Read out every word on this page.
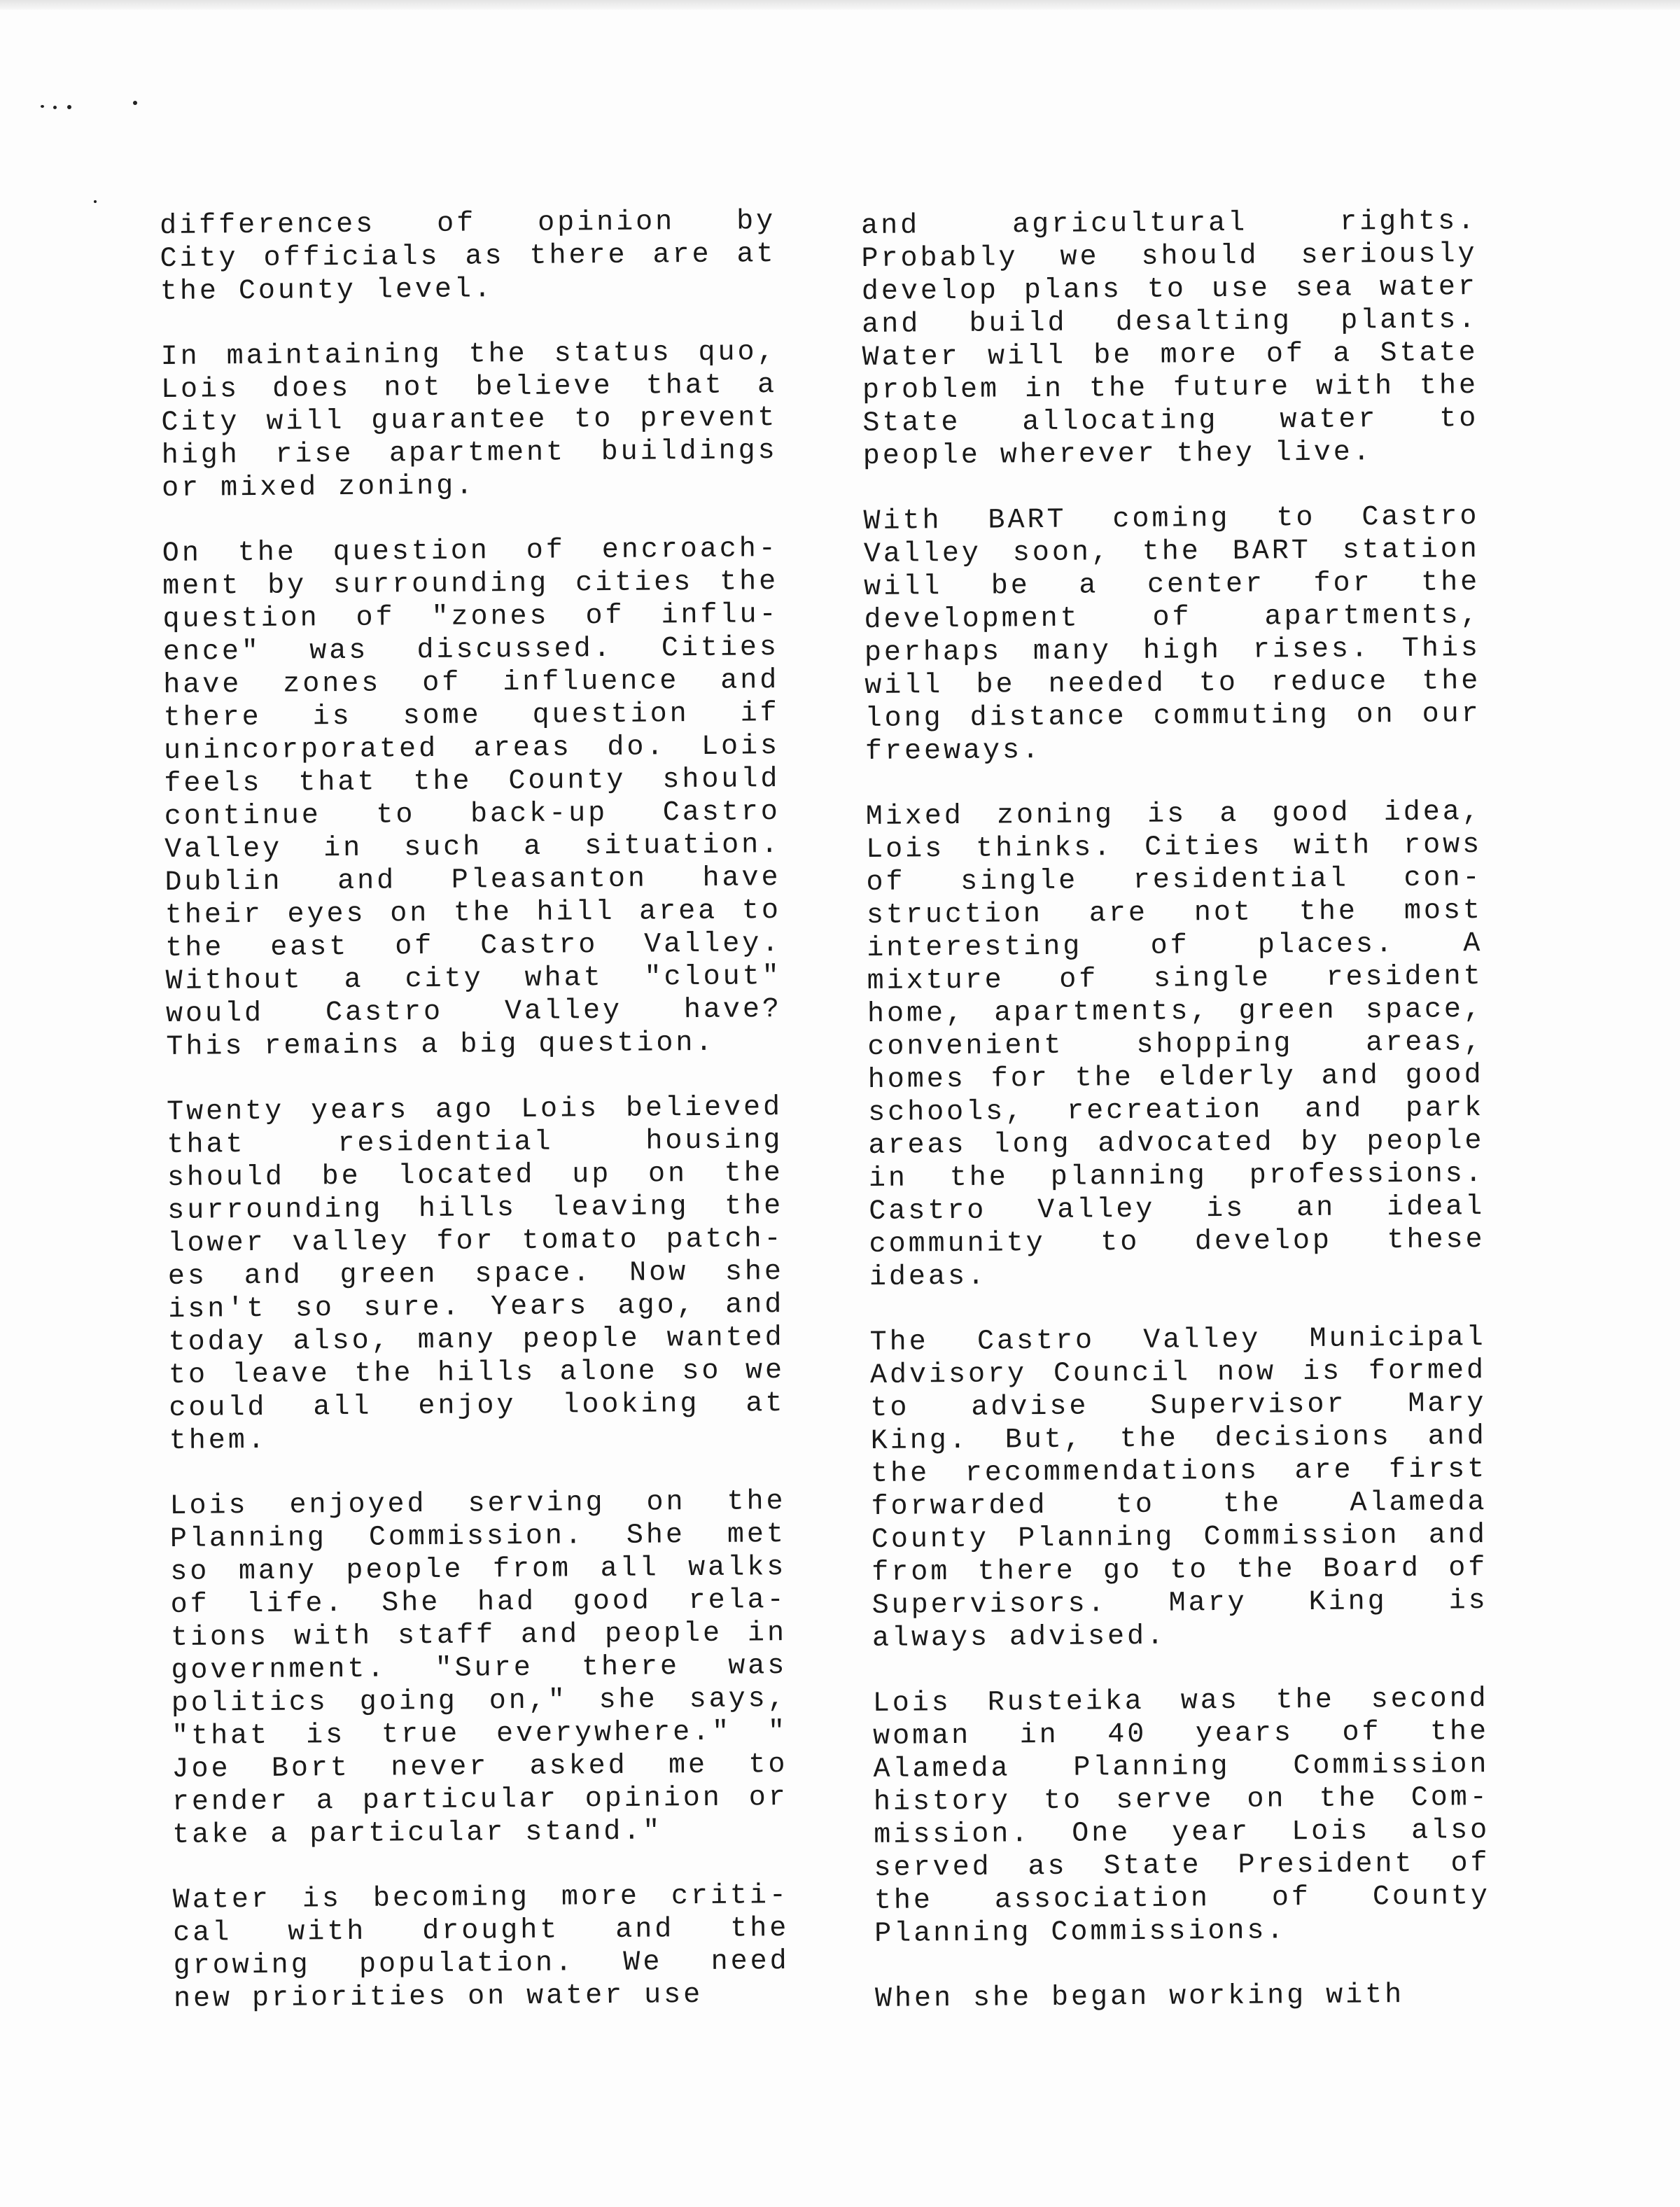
differences of opinion by
City officials as there are at
the County level.
In maintaining the status quo,
Lois does not believe that a
City will guarantee to prevent
high rise apartment buildings
or mixed zoning.
On the question of encroach-
ment by surrounding cities the
question of "zones of influ-
ence" was discussed. Cities
have zones of influence and
there is some question if
unincorporated areas do. Lois
feels that the County should
continue to back-up Castro
Valley in such a situation.
Dublin and Pleasanton have
their eyes on the hill area to
the east of Castro Valley.
Without a city what "clout"
would Castro Valley have?
This remains a big question.
Twenty years ago Lois believed
that residential housing
should be located up on the
surrounding hills leaving the
lower valley for tomato patch-
es and green space. Now she
isn't so sure. Years ago, and
today also, many people wanted
to leave the hills alone so we
could all enjoy looking at
them.
Lois enjoyed serving on the
Planning Commission. She met
so many people from all walks
of life. She had good rela-
tions with staff and people in
government. "Sure there was
politics going on," she says,
"that is true everywhere." "
Joe Bort never asked me to
render a particular opinion or
take a particular stand."
Water is becoming more criti-
cal with drought and the
growing population. We need
new priorities on water use
and agricultural rights.
Probably we should seriously
develop plans to use sea water
and build desalting plants.
Water will be more of a State
problem in the future with the
State allocating water to
people wherever they live.
With BART coming to Castro
Valley soon, the BART station
will be a center for the
development of apartments,
perhaps many high rises. This
will be needed to reduce the
long distance commuting on our
freeways.
Mixed zoning is a good idea,
Lois thinks. Cities with rows
of single residential con-
struction are not the most
interesting of places. A
mixture of single resident
home, apartments, green space,
convenient shopping areas,
homes for the elderly and good
schools, recreation and park
areas long advocated by people
in the planning professions.
Castro Valley is an ideal
community to develop these
ideas.
The Castro Valley Municipal
Advisory Council now is formed
to advise Supervisor Mary
King. But, the decisions and
the recommendations are first
forwarded to the Alameda
County Planning Commission and
from there go to the Board of
Supervisors. Mary King is
always advised.
Lois Rusteika was the second
woman in 40 years of the
Alameda Planning Commission
history to serve on the Com-
mission. One year Lois also
served as State President of
the association of County
Planning Commissions.
When she began working with
